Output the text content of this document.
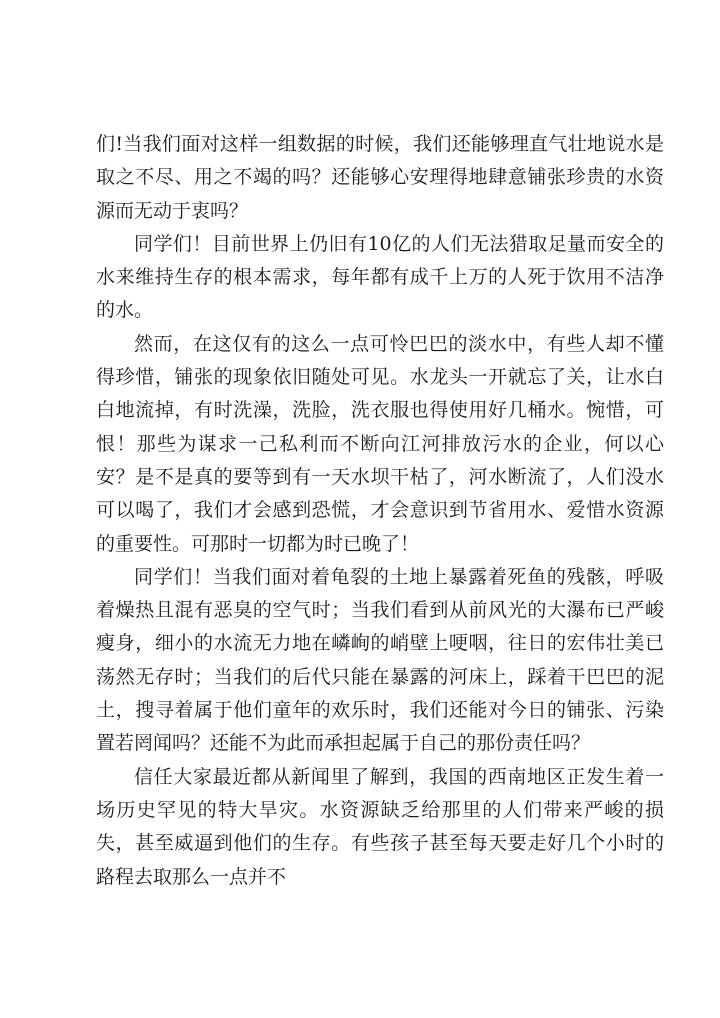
们!当我们面对这样一组数据的时候，我们还能够理直气壮地说水是取之不尽、用之不竭的吗？还能够心安理得地肆意铺张珍贵的水资源而无动于衷吗？

同学们！目前世界上仍旧有10亿的人们无法猎取足量而安全的水来维持生存的根本需求，每年都有成千上万的人死于饮用不洁净的水。

然而，在这仅有的这么一点可怜巴巴的淡水中，有些人却不懂得珍惜，铺张的现象依旧随处可见。水龙头一开就忘了关，让水白白地流掉，有时洗澡，洗脸，洗衣服也得使用好几桶水。惋惜，可恨！那些为谋求一己私利而不断向江河排放污水的企业，何以心安？是不是真的要等到有一天水坝干枯了，河水断流了，人们没水可以喝了，我们才会感到恐慌，才会意识到节省用水、爱惜水资源的重要性。可那时一切都为时已晚了！

同学们！当我们面对着龟裂的土地上暴露着死鱼的残骸，呼吸着燥热且混有恶臭的空气时；当我们看到从前风光的大瀑布已严峻瘦身，细小的水流无力地在嶙峋的峭壁上哽咽，往日的宏伟壮美已荡然无存时；当我们的后代只能在暴露的河床上，踩着干巴巴的泥土，搜寻着属于他们童年的欢乐时，我们还能对今日的铺张、污染置若罔闻吗？还能不为此而承担起属于自己的那份责任吗？

信任大家最近都从新闻里了解到，我国的西南地区正发生着一场历史罕见的特大旱灾。水资源缺乏给那里的人们带来严峻的损失，甚至威逼到他们的生存。有些孩子甚至每天要走好几个小时的路程去取那么一点并不
